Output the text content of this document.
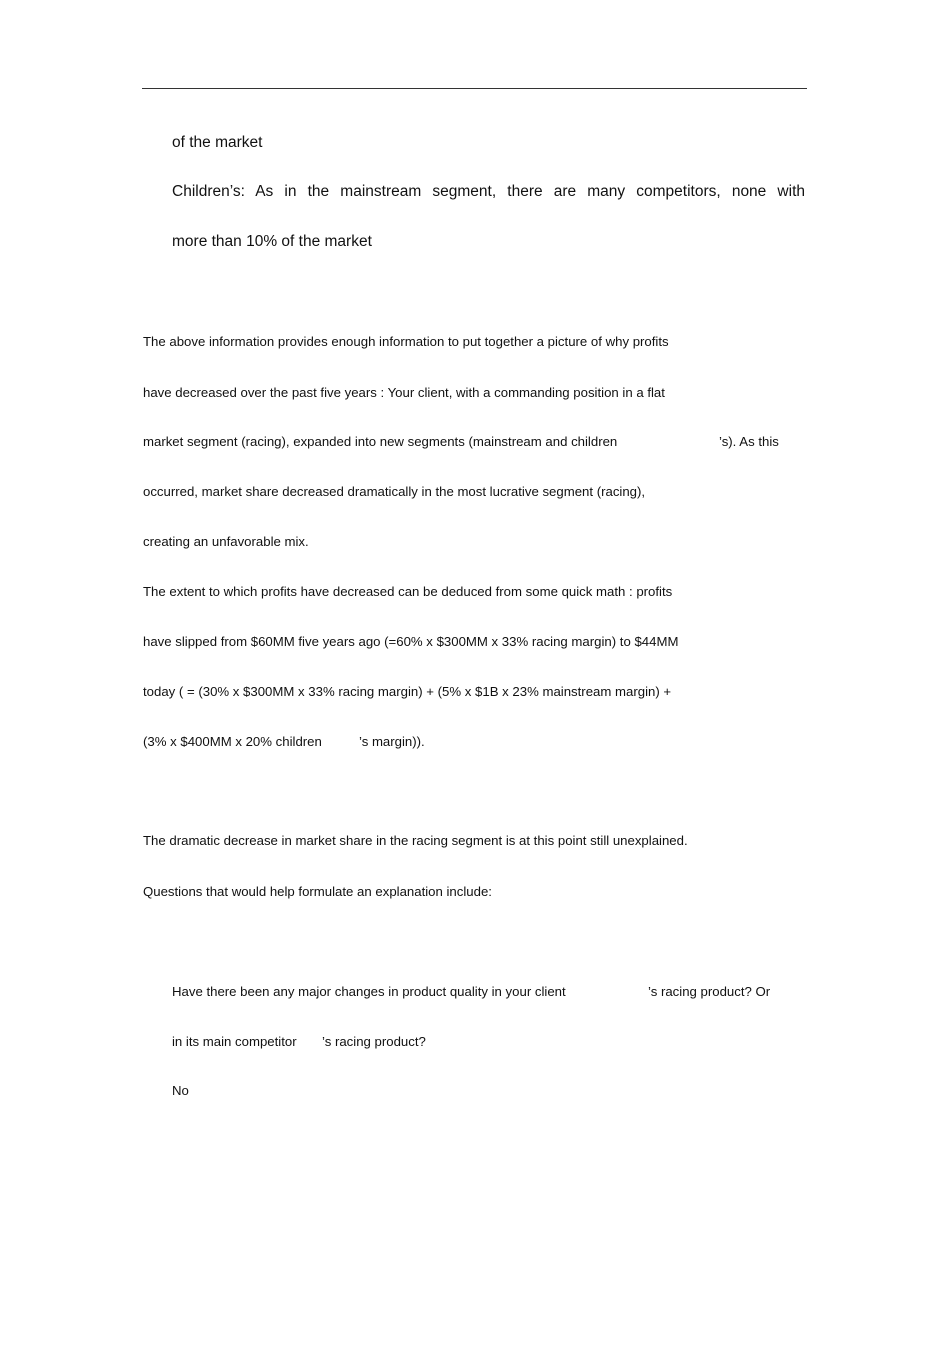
of the market
Children’s: As in the mainstream segment, there are many competitors, none with
more than 10% of the market
The above information provides enough information to put together a picture of why profits
have decreased over the past five years : Your client, with a commanding position in a flat
market segment (racing), expanded into new segments (mainstream and children	’s). As this
occurred, market share decreased dramatically in the most lucrative segment (racing),
creating an unfavorable mix.
The extent to which profits have decreased can be deduced from some quick math : profits
have slipped from $60MM five years ago (=60% x $300MM x 33% racing margin) to $44MM
today ( = (30% x $300MM x 33% racing margin) + (5% x $1B x 23% mainstream margin) +
(3% x $400MM x 20% children	’s margin)).
The dramatic decrease in market share in the racing segment is at this point still unexplained.
Questions that would help formulate an explanation include:
Have there been any major changes in product quality in your client	’s racing product? Or
in its main competitor ’s racing product?
No
